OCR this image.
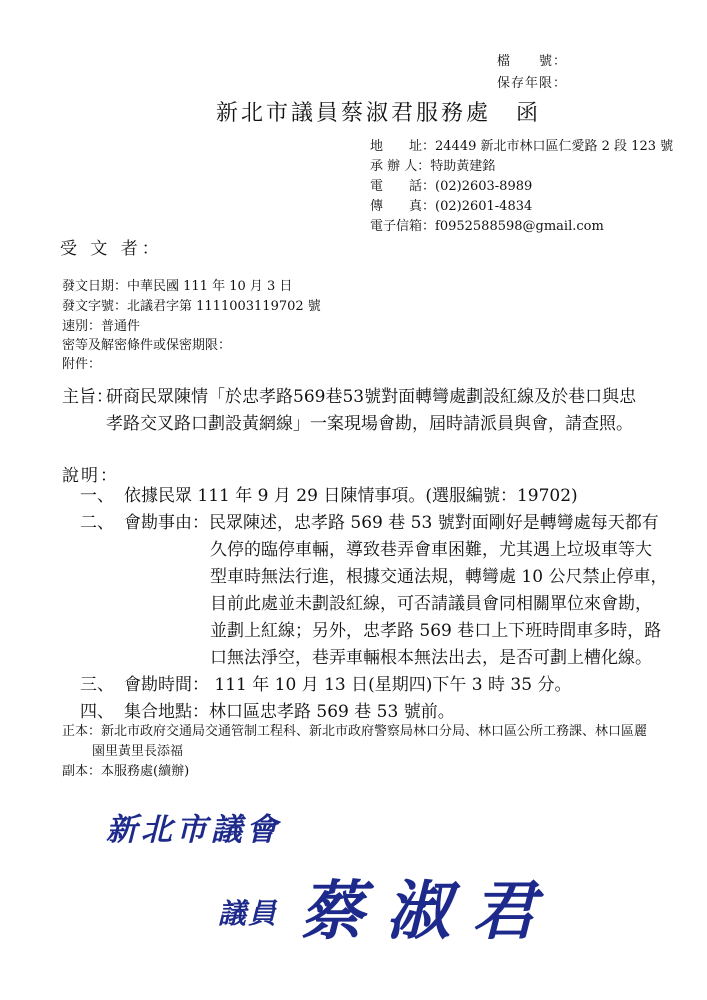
檔　　號：
保存年限：
新北市議員蔡淑君服務處　函
地　　址：24449 新北市林口區仁愛路 2 段 123 號
承 辦 人：特助黃建銘
電　　話：(02)2603-8989
傳　　真：(02)2601-4834
電子信箱：f0952588598@gmail.com
受 文 者：
發文日期：中華民國 111 年 10 月 3 日
發文字號：北議君字第 1111003119702 號
速別：普通件
密等及解密條件或保密期限：
附件：
主旨：
研商民眾陳情「於忠孝路569巷53號對面轉彎處劃設紅線及於巷口與忠
孝路交叉路口劃設黃網線」一案現場會勘，屆時請派員與會，請查照。
說明：
一、 依據民眾 111 年 9 月 29 日陳情事項。(選服編號：19702)
二、 會勘事由：民眾陳述，忠孝路 569 巷 53 號對面剛好是轉彎處每天都有
久停的臨停車輛，導致巷弄會車困難，尤其遇上垃圾車等大
型車時無法行進，根據交通法規，轉彎處 10 公尺禁止停車，
目前此處並未劃設紅線，可否請議員會同相關單位來會勘，
並劃上紅線；另外，忠孝路 569 巷口上下班時間車多時，路
口無法淨空，巷弄車輛根本無法出去，是否可劃上槽化線。
三、 會勘時間： 111 年 10 月 13 日(星期四)下午 3 時 35 分。
四、 集合地點：林口區忠孝路 569 巷 53 號前。
正本：新北市政府交通局交通管制工程科、新北市政府警察局林口分局、林口區公所工務課、林口區麗
園里黃里長添福
副本：本服務處(續辦)
新北市議會
議員 蔡淑君
